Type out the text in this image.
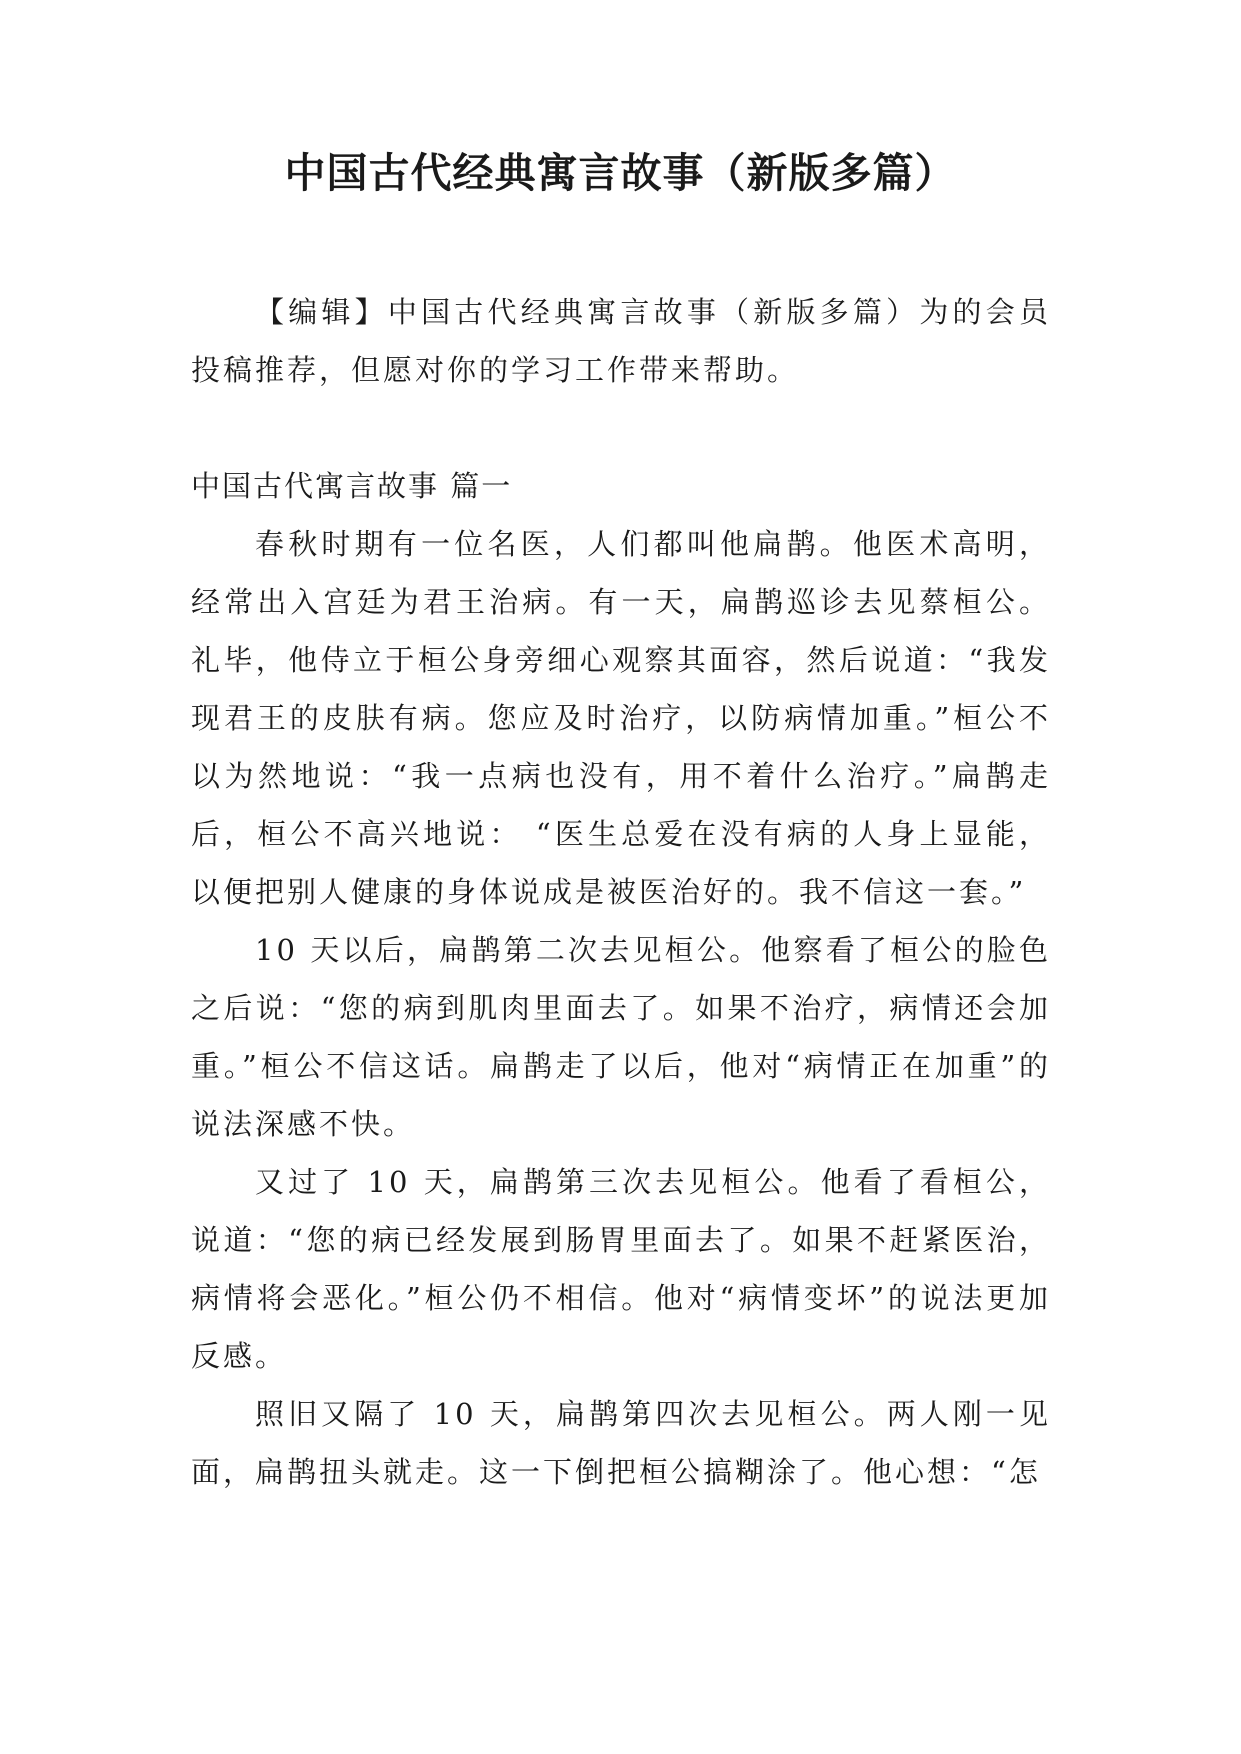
中国古代经典寓言故事（新版多篇）

【编辑】中国古代经典寓言故事（新版多篇）为的会员投稿推荐，但愿对你的学习工作带来帮助。

中国古代寓言故事 篇一

春秋时期有一位名医，人们都叫他扁鹊。他医术高明，经常出入宫廷为君王治病。有一天，扁鹊巡诊去见蔡桓公。礼毕，他侍立于桓公身旁细心观察其面容，然后说道：“我发现君王的皮肤有病。您应及时治疗，以防病情加重。”桓公不以为然地说：“我一点病也没有，用不着什么治疗。”扁鹊走后，桓公不高兴地说： “医生总爱在没有病的人身上显能，以便把别人健康的身体说成是被医治好的。我不信这一套。”

10 天以后，扁鹊第二次去见桓公。他察看了桓公的脸色之后说：“您的病到肌肉里面去了。如果不治疗，病情还会加重。”桓公不信这话。扁鹊走了以后，他对“病情正在加重”的说法深感不快。

又过了 10 天，扁鹊第三次去见桓公。他看了看桓公，说道：“您的病已经发展到肠胃里面去了。如果不赶紧医治，病情将会恶化。”桓公仍不相信。他对“病情变坏”的说法更加反感。

照旧又隔了 10 天，扁鹊第四次去见桓公。两人刚一见面，扁鹊扭头就走。这一下倒把桓公搞糊涂了。他心想：“怎
